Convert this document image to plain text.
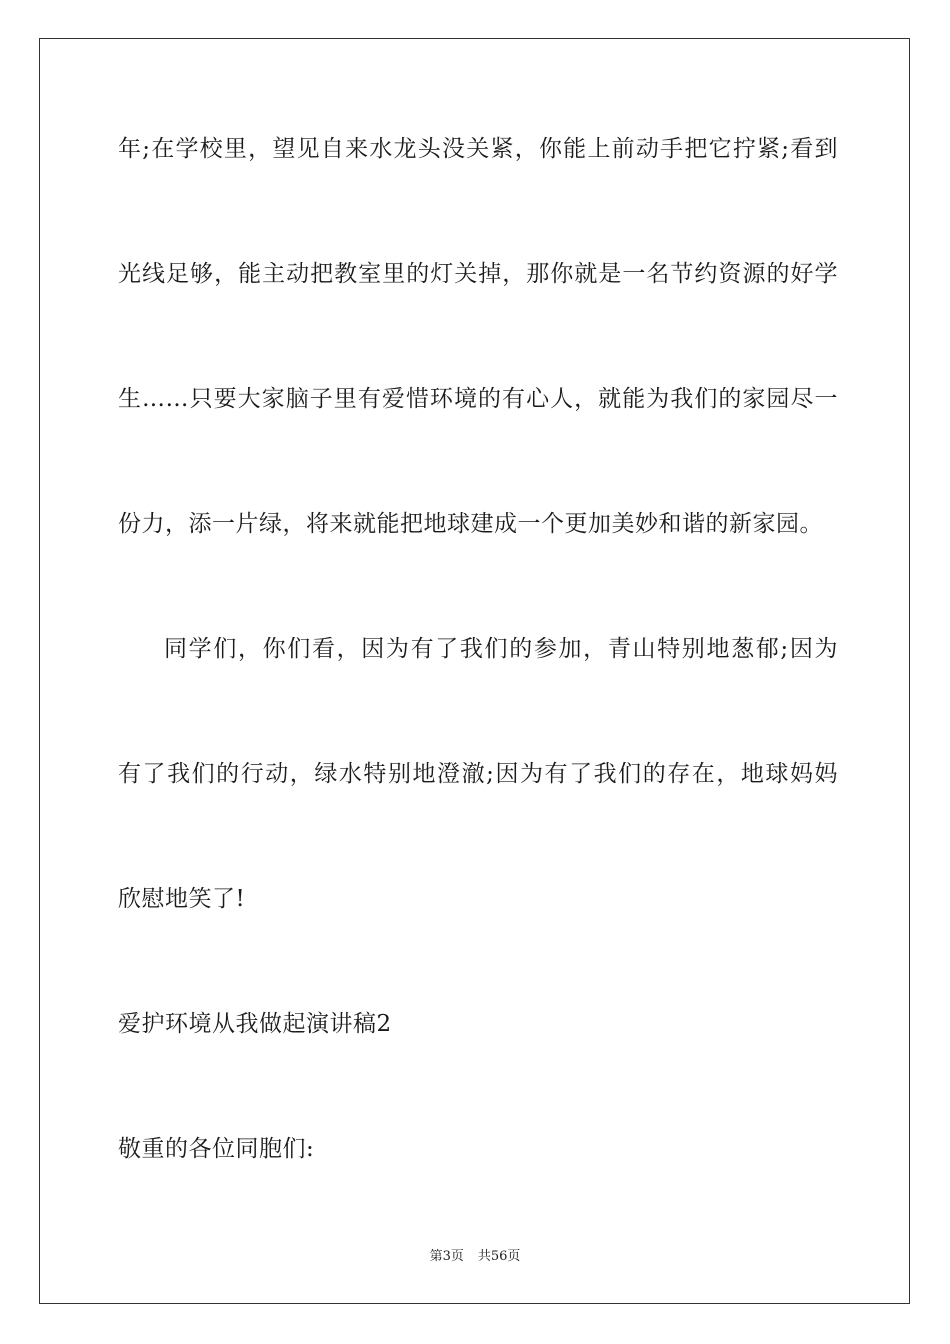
年;在学校里，望见自来水龙头没关紧，你能上前动手把它拧紧;看到
光线足够，能主动把教室里的灯关掉，那你就是一名节约资源的好学
生……只要大家脑子里有爱惜环境的有心人，就能为我们的家园尽一
份力，添一片绿，将来就能把地球建成一个更加美妙和谐的新家园。
同学们，你们看，因为有了我们的参加，青山特别地葱郁;因为
有了我们的行动，绿水特别地澄澈;因为有了我们的存在，地球妈妈
欣慰地笑了!
爱护环境从我做起演讲稿2
敬重的各位同胞们:
第3页 共56页
